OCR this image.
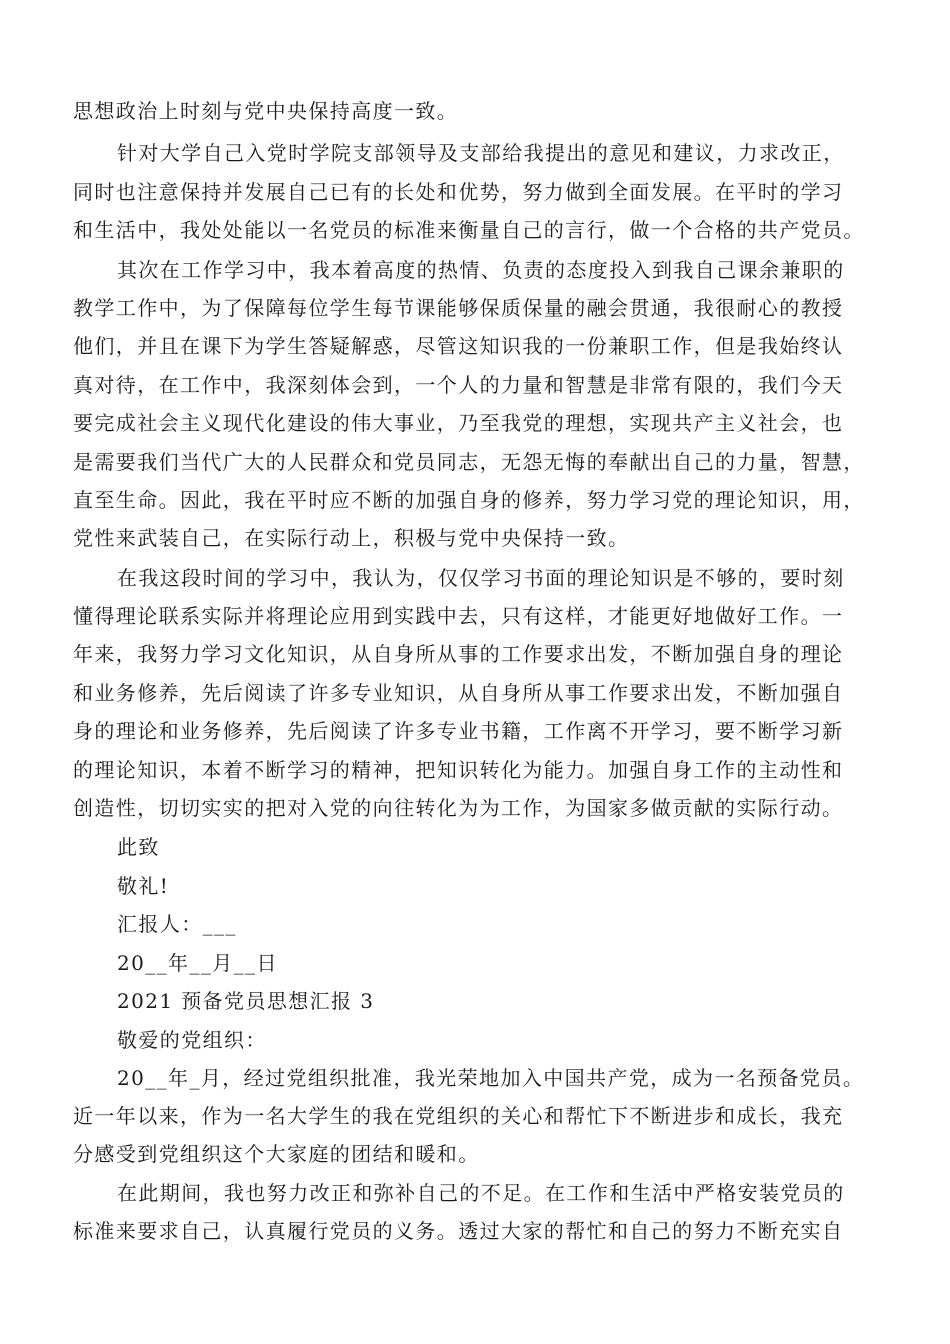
思想政治上时刻与党中央保持高度一致。
针对大学自己入党时学院支部领导及支部给我提出的意见和建议，力求改正，
同时也注意保持并发展自己已有的长处和优势，努力做到全面发展。在平时的学习
和生活中，我处处能以一名党员的标准来衡量自己的言行，做一个合格的共产党员。
其次在工作学习中，我本着高度的热情、负责的态度投入到我自己课余兼职的
教学工作中，为了保障每位学生每节课能够保质保量的融会贯通，我很耐心的教授
他们，并且在课下为学生答疑解惑，尽管这知识我的一份兼职工作，但是我始终认
真对待，在工作中，我深刻体会到，一个人的力量和智慧是非常有限的，我们今天
要完成社会主义现代化建设的伟大事业，乃至我党的理想，实现共产主义社会，也
是需要我们当代广大的人民群众和党员同志，无怨无悔的奉献出自己的力量，智慧，
直至生命。因此，我在平时应不断的加强自身的修养，努力学习党的理论知识，用，
党性来武装自己，在实际行动上，积极与党中央保持一致。
在我这段时间的学习中，我认为，仅仅学习书面的理论知识是不够的，要时刻
懂得理论联系实际并将理论应用到实践中去，只有这样，才能更好地做好工作。一
年来，我努力学习文化知识，从自身所从事的工作要求出发，不断加强自身的理论
和业务修养，先后阅读了许多专业知识，从自身所从事工作要求出发，不断加强自
身的理论和业务修养，先后阅读了许多专业书籍，工作离不开学习，要不断学习新
的理论知识，本着不断学习的精神，把知识转化为能力。加强自身工作的主动性和
创造性，切切实实的把对入党的向往转化为为工作，为国家多做贡献的实际行动。
此致
敬礼!
汇报人：___
20__年__月__日
2021 预备党员思想汇报 3
敬爱的党组织：
20__年_月，经过党组织批准，我光荣地加入中国共产党，成为一名预备党员。
近一年以来，作为一名大学生的我在党组织的关心和帮忙下不断进步和成长，我充
分感受到党组织这个大家庭的团结和暖和。
在此期间，我也努力改正和弥补自己的不足。在工作和生活中严格安装党员的
标准来要求自己，认真履行党员的义务。透过大家的帮忙和自己的努力不断充实自
